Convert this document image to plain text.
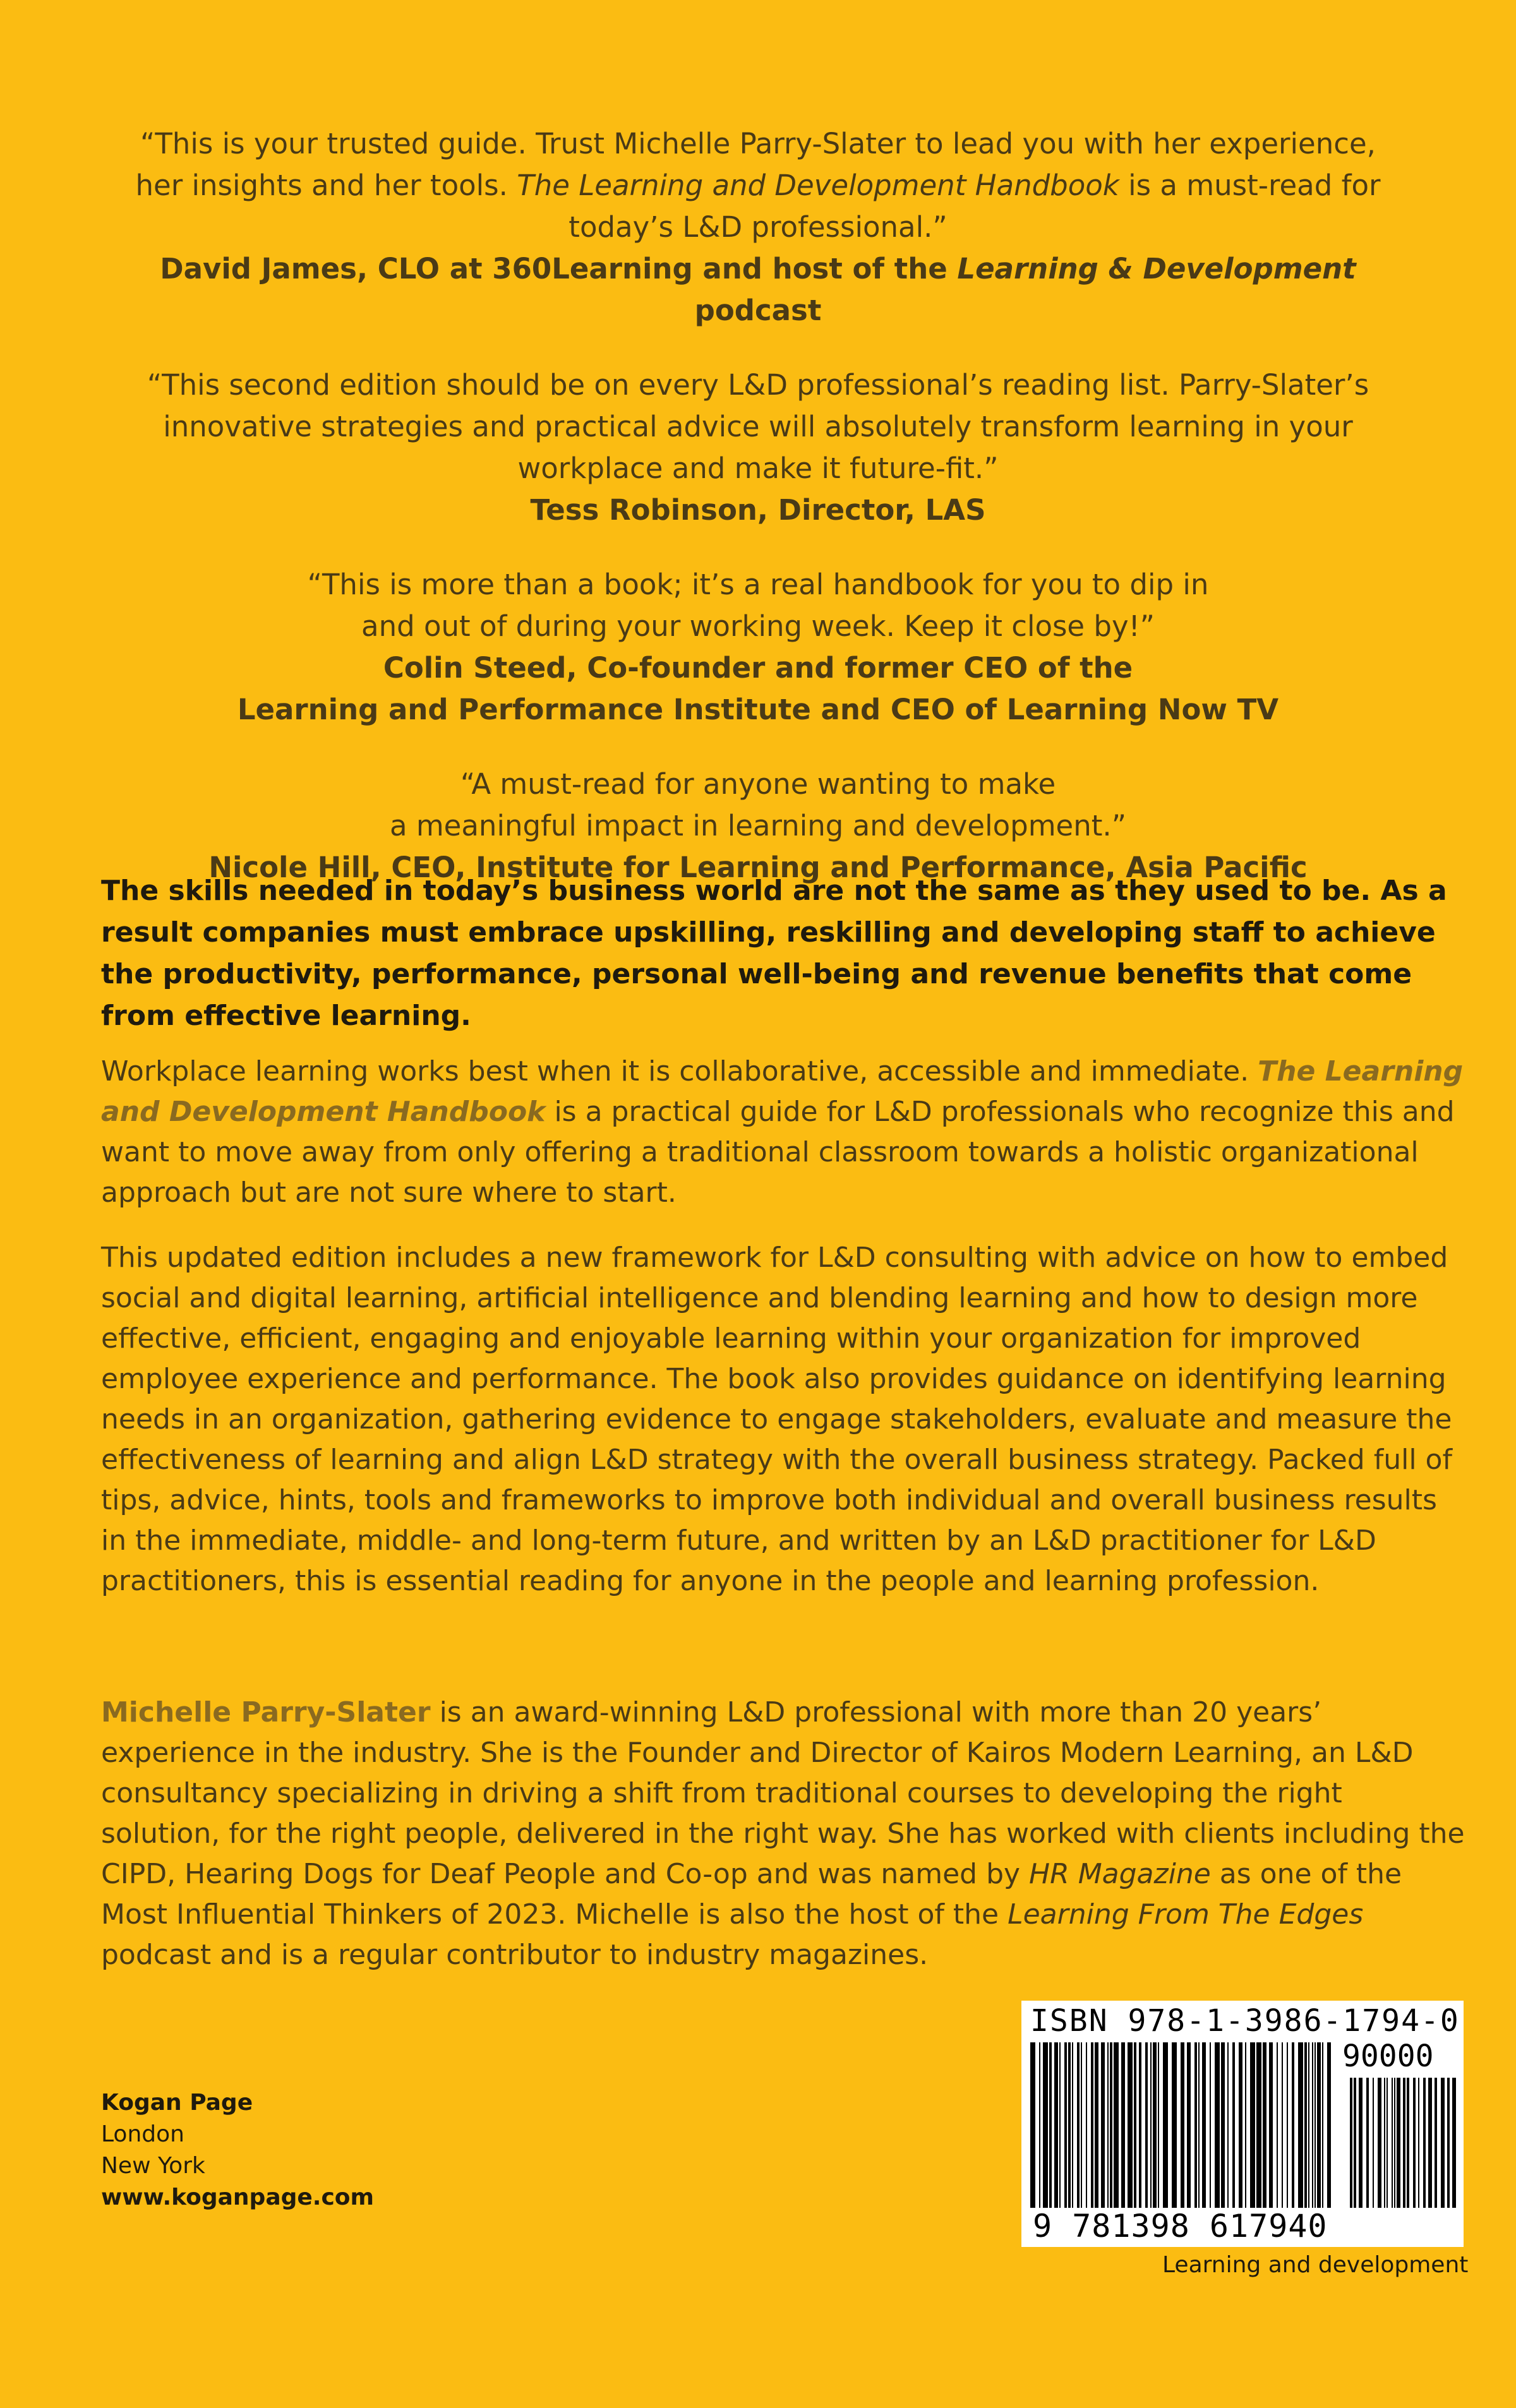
“This is your trusted guide. Trust Michelle Parry-Slater to lead you with her experience,

her insights and her tools. The Learning and Development Handbook is a must-read for

today’s L&D professional.”

David James, CLO at 360Learning and host of the Learning & Development podcast

“This second edition should be on every L&D professional’s reading list. Parry-Slater’s

innovative strategies and practical advice will absolutely transform learning in your

workplace and make it future-fit.”

Tess Robinson, Director, LAS

“This is more than a book; it’s a real handbook for you to dip in

and out of during your working week. Keep it close by!”

Colin Steed, Co-founder and former CEO of the

Learning and Performance Institute and CEO of Learning Now TV

“A must-read for anyone wanting to make

a meaningful impact in learning and development.”

Nicole Hill, CEO, Institute for Learning and Performance, Asia Pacific

The skills needed in today’s business world are not the same as they used to be. As a result companies must embrace upskilling, reskilling and developing staff to achieve the productivity, performance, personal well-being and revenue benefits that come from effective learning.

Workplace learning works best when it is collaborative, accessible and immediate. The Learning and Development Handbook is a practical guide for L&D professionals who recognize this and want to move away from only offering a traditional classroom towards a holistic organizational approach but are not sure where to start.

This updated edition includes a new framework for L&D consulting with advice on how to embed social and digital learning, artificial intelligence and blending learning and how to design more effective, efficient, engaging and enjoyable learning within your organization for improved employee experience and performance. The book also provides guidance on identifying learning needs in an organization, gathering evidence to engage stakeholders, evaluate and measure the effectiveness of learning and align L&D strategy with the overall business strategy. Packed full of tips, advice, hints, tools and frameworks to improve both individual and overall business results in the immediate, middle- and long-term future, and written by an L&D practitioner for L&D practitioners, this is essential reading for anyone in the people and learning profession.

Michelle Parry-Slater is an award-winning L&D professional with more than 20 years’ experience in the industry. She is the Founder and Director of Kairos Modern Learning, an L&D consultancy specializing in driving a shift from traditional courses to developing the right solution, for the right people, delivered in the right way. She has worked with clients including the CIPD, Hearing Dogs for Deaf People and Co-op and was named by HR Magazine as one of the Most Influential Thinkers of 2023. Michelle is also the host of the Learning From The Edges podcast and is a regular contributor to industry magazines.

Kogan Page
London
New York
www.koganpage.com
ISBN 978-1-3986-1794-0
90000
9 781398 617940
Learning and development
